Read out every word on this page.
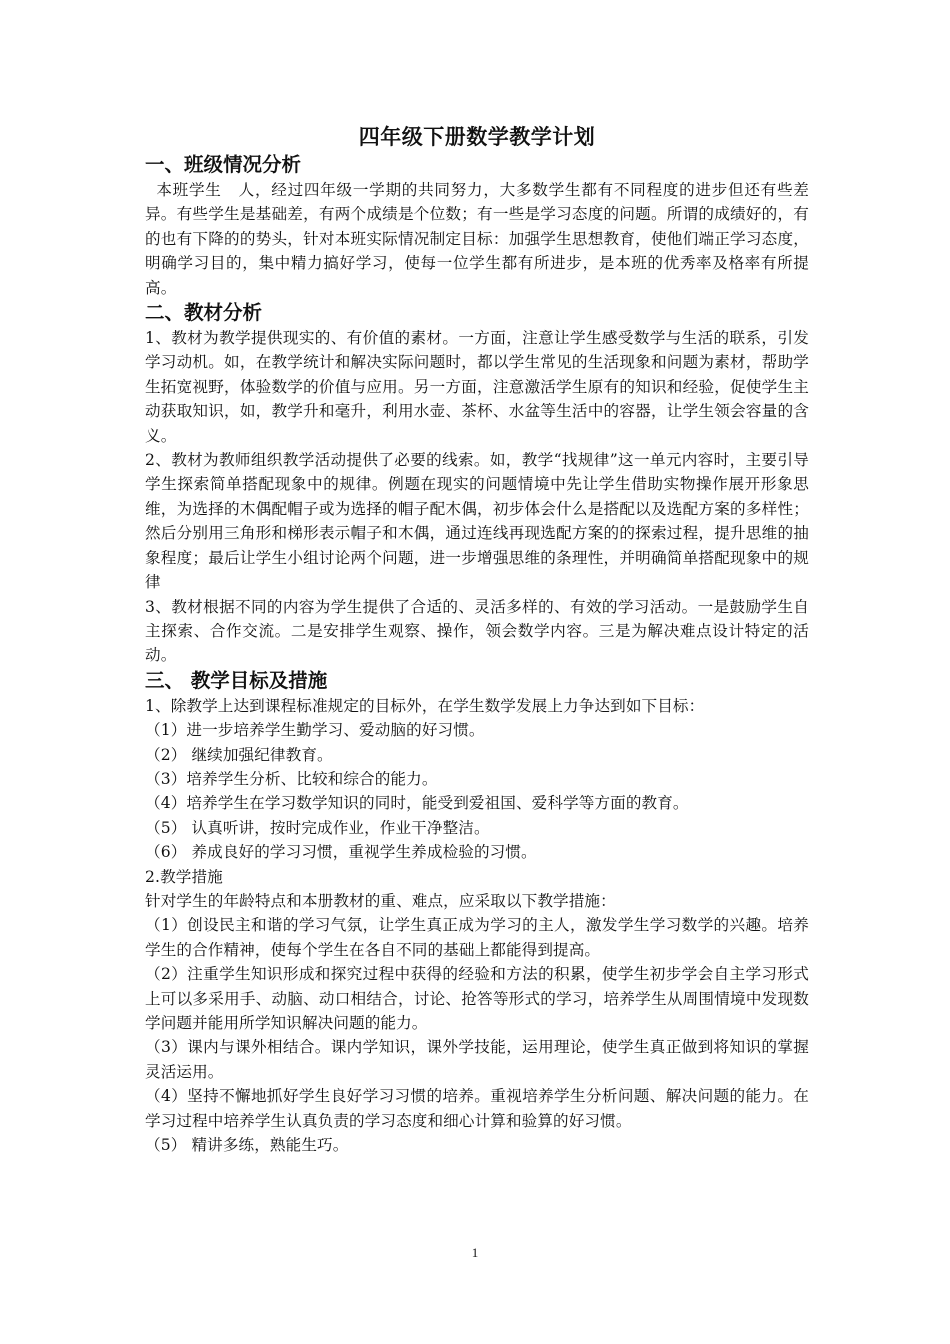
四年级下册数学教学计划
一、班级情况分析

本班学生   人，经过四年级一学期的共同努力，大多数学生都有不同程度的进步但还有些差异。有些学生是基础差，有两个成绩是个位数；有一些是学习态度的问题。所谓的成绩好的，有的也有下降的的势头，针对本班实际情况制定目标：加强学生思想教育，使他们端正学习态度，明确学习目的，集中精力搞好学习，使每一位学生都有所进步，是本班的优秀率及格率有所提高。

二、教材分析

1、教材为教学提供现实的、有价值的素材。一方面，注意让学生感受数学与生活的联系，引发学习动机。如，在教学统计和解决实际问题时，都以学生常见的生活现象和问题为素材，帮助学生拓宽视野，体验数学的价值与应用。另一方面，注意激活学生原有的知识和经验，促使学生主动获取知识，如，教学升和毫升，利用水壶、茶杯、水盆等生活中的容器，让学生领会容量的含义。

2、教材为教师组织教学活动提供了必要的线索。如，教学“找规律”这一单元内容时，主要引导学生探索简单搭配现象中的规律。例题在现实的问题情境中先让学生借助实物操作展开形象思维，为选择的木偶配帽子或为选择的帽子配木偶，初步体会什么是搭配以及选配方案的多样性；然后分别用三角形和梯形表示帽子和木偶，通过连线再现选配方案的的探索过程，提升思维的抽象程度；最后让学生小组讨论两个问题，进一步增强思维的条理性，并明确简单搭配现象中的规律

3、教材根据不同的内容为学生提供了合适的、灵活多样的、有效的学习活动。一是鼓励学生自主探索、合作交流。二是安排学生观察、操作，领会数学内容。三是为解决难点设计特定的活动。

三、 教学目标及措施

1、除教学上达到课程标准规定的目标外，在学生数学发展上力争达到如下目标：

（1）进一步培养学生勤学习、爱动脑的好习惯。

（2） 继续加强纪律教育。

（3）培养学生分析、比较和综合的能力。

（4）培养学生在学习数学知识的同时，能受到爱祖国、爱科学等方面的教育。

（5） 认真听讲，按时完成作业，作业干净整洁。

（6） 养成良好的学习习惯，重视学生养成检验的习惯。

2.教学措施

针对学生的年龄特点和本册教材的重、难点，应采取以下教学措施：

（1）创设民主和谐的学习气氛，让学生真正成为学习的主人，激发学生学习数学的兴趣。培养学生的合作精神，使每个学生在各自不同的基础上都能得到提高。

（2）注重学生知识形成和探究过程中获得的经验和方法的积累，使学生初步学会自主学习形式上可以多采用手、动脑、动口相结合，讨论、抢答等形式的学习，培养学生从周围情境中发现数学问题并能用所学知识解决问题的能力。

（3）课内与课外相结合。课内学知识，课外学技能，运用理论，使学生真正做到将知识的掌握灵活运用。

（4）坚持不懈地抓好学生良好学习习惯的培养。重视培养学生分析问题、解决问题的能力。在学习过程中培养学生认真负责的学习态度和细心计算和验算的好习惯。

（5） 精讲多练，熟能生巧。

1
